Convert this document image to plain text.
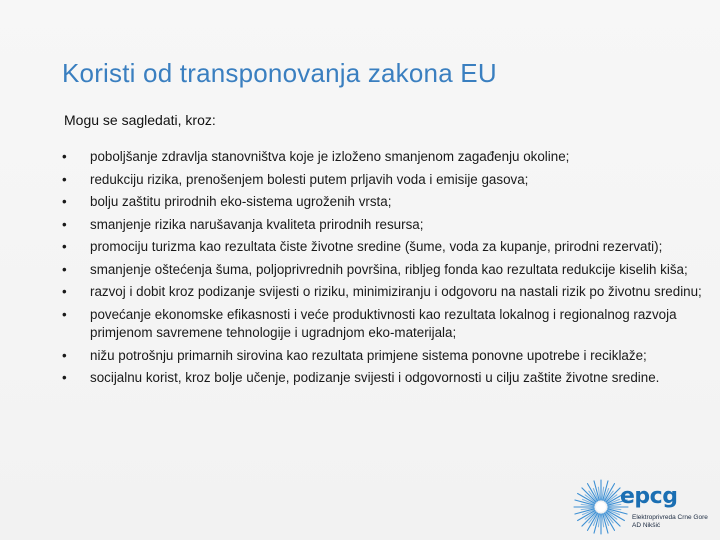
Koristi od transponovanja zakona EU
Mogu se sagledati, kroz:
• poboljšanje zdravlja stanovništva koje je izloženo smanjenom zagađenju okoline;
• redukciju rizika, prenošenjem bolesti putem prljavih voda i emisije gasova;
• bolju zaštitu prirodnih eko-sistema ugroženih vrsta;
• smanjenje rizika narušavanja kvaliteta prirodnih resursa;
• promociju turizma kao rezultata čiste životne sredine (šume, voda za kupanje, prirodni rezervati);
• smanjenje oštećenja šuma, poljoprivrednih površina, ribljeg fonda kao rezultata redukcije kiselih kiša;
• razvoj i dobit kroz podizanje svijesti o riziku, minimiziranju i odgovoru na nastali rizik po životnu sredinu;
• povećanje ekonomske efikasnosti i veće produktivnosti kao rezultata lokalnog i regionalnog razvoja primjenom savremene tehnologije i ugradnjom eko-materijala;
• nižu potrošnju primarnih sirovina kao rezultata primjene sistema ponovne upotrebe i reciklaže;
• socijalnu korist, kroz bolje učenje, podizanje svijesti i odgovornosti u cilju zaštite životne sredine.
epcg
Elektroprivreda Crne Gore
AD Nikšić
